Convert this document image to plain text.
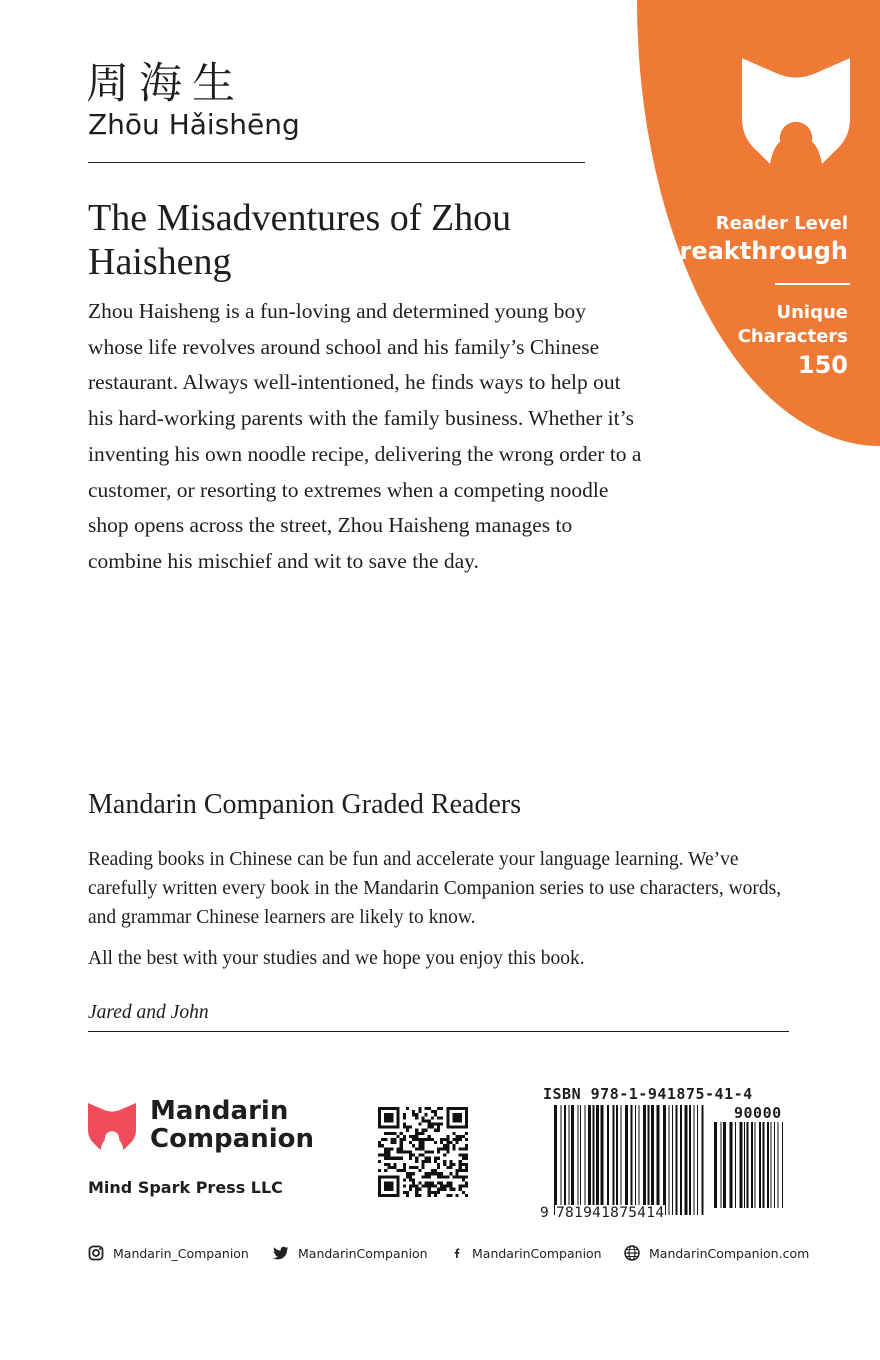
Reader Level
Breakthrough
Unique Characters
150
周海生
Zhōu Hǎishēng
The Misadventures of Zhou Haisheng

Zhou Haisheng is a fun-loving and determined young boy whose life revolves around school and his family’s Chinese restaurant. Always well-intentioned, he finds ways to help out his hard-working parents with the family business. Whether it’s inventing his own noodle recipe, delivering the wrong order to a customer, or resorting to extremes when a competing noodle shop opens across the street, Zhou Haisheng manages to combine his mischief and wit to save the day.

Mandarin Companion Graded Readers

Reading books in Chinese can be fun and accelerate your language learning. We’ve carefully written every book in the Mandarin Companion series to use characters, words, and grammar Chinese learners are likely to know.

All the best with your studies and we hope you enjoy this book.

Jared and John
Mandarin
Companion
Mind Spark Press LLC
ISBN 978-1-941875-41-4
90000
9 781941875414
Mandarin_Companion	MandarinCompanion	MandarinCompanion	MandarinCompanion.com
